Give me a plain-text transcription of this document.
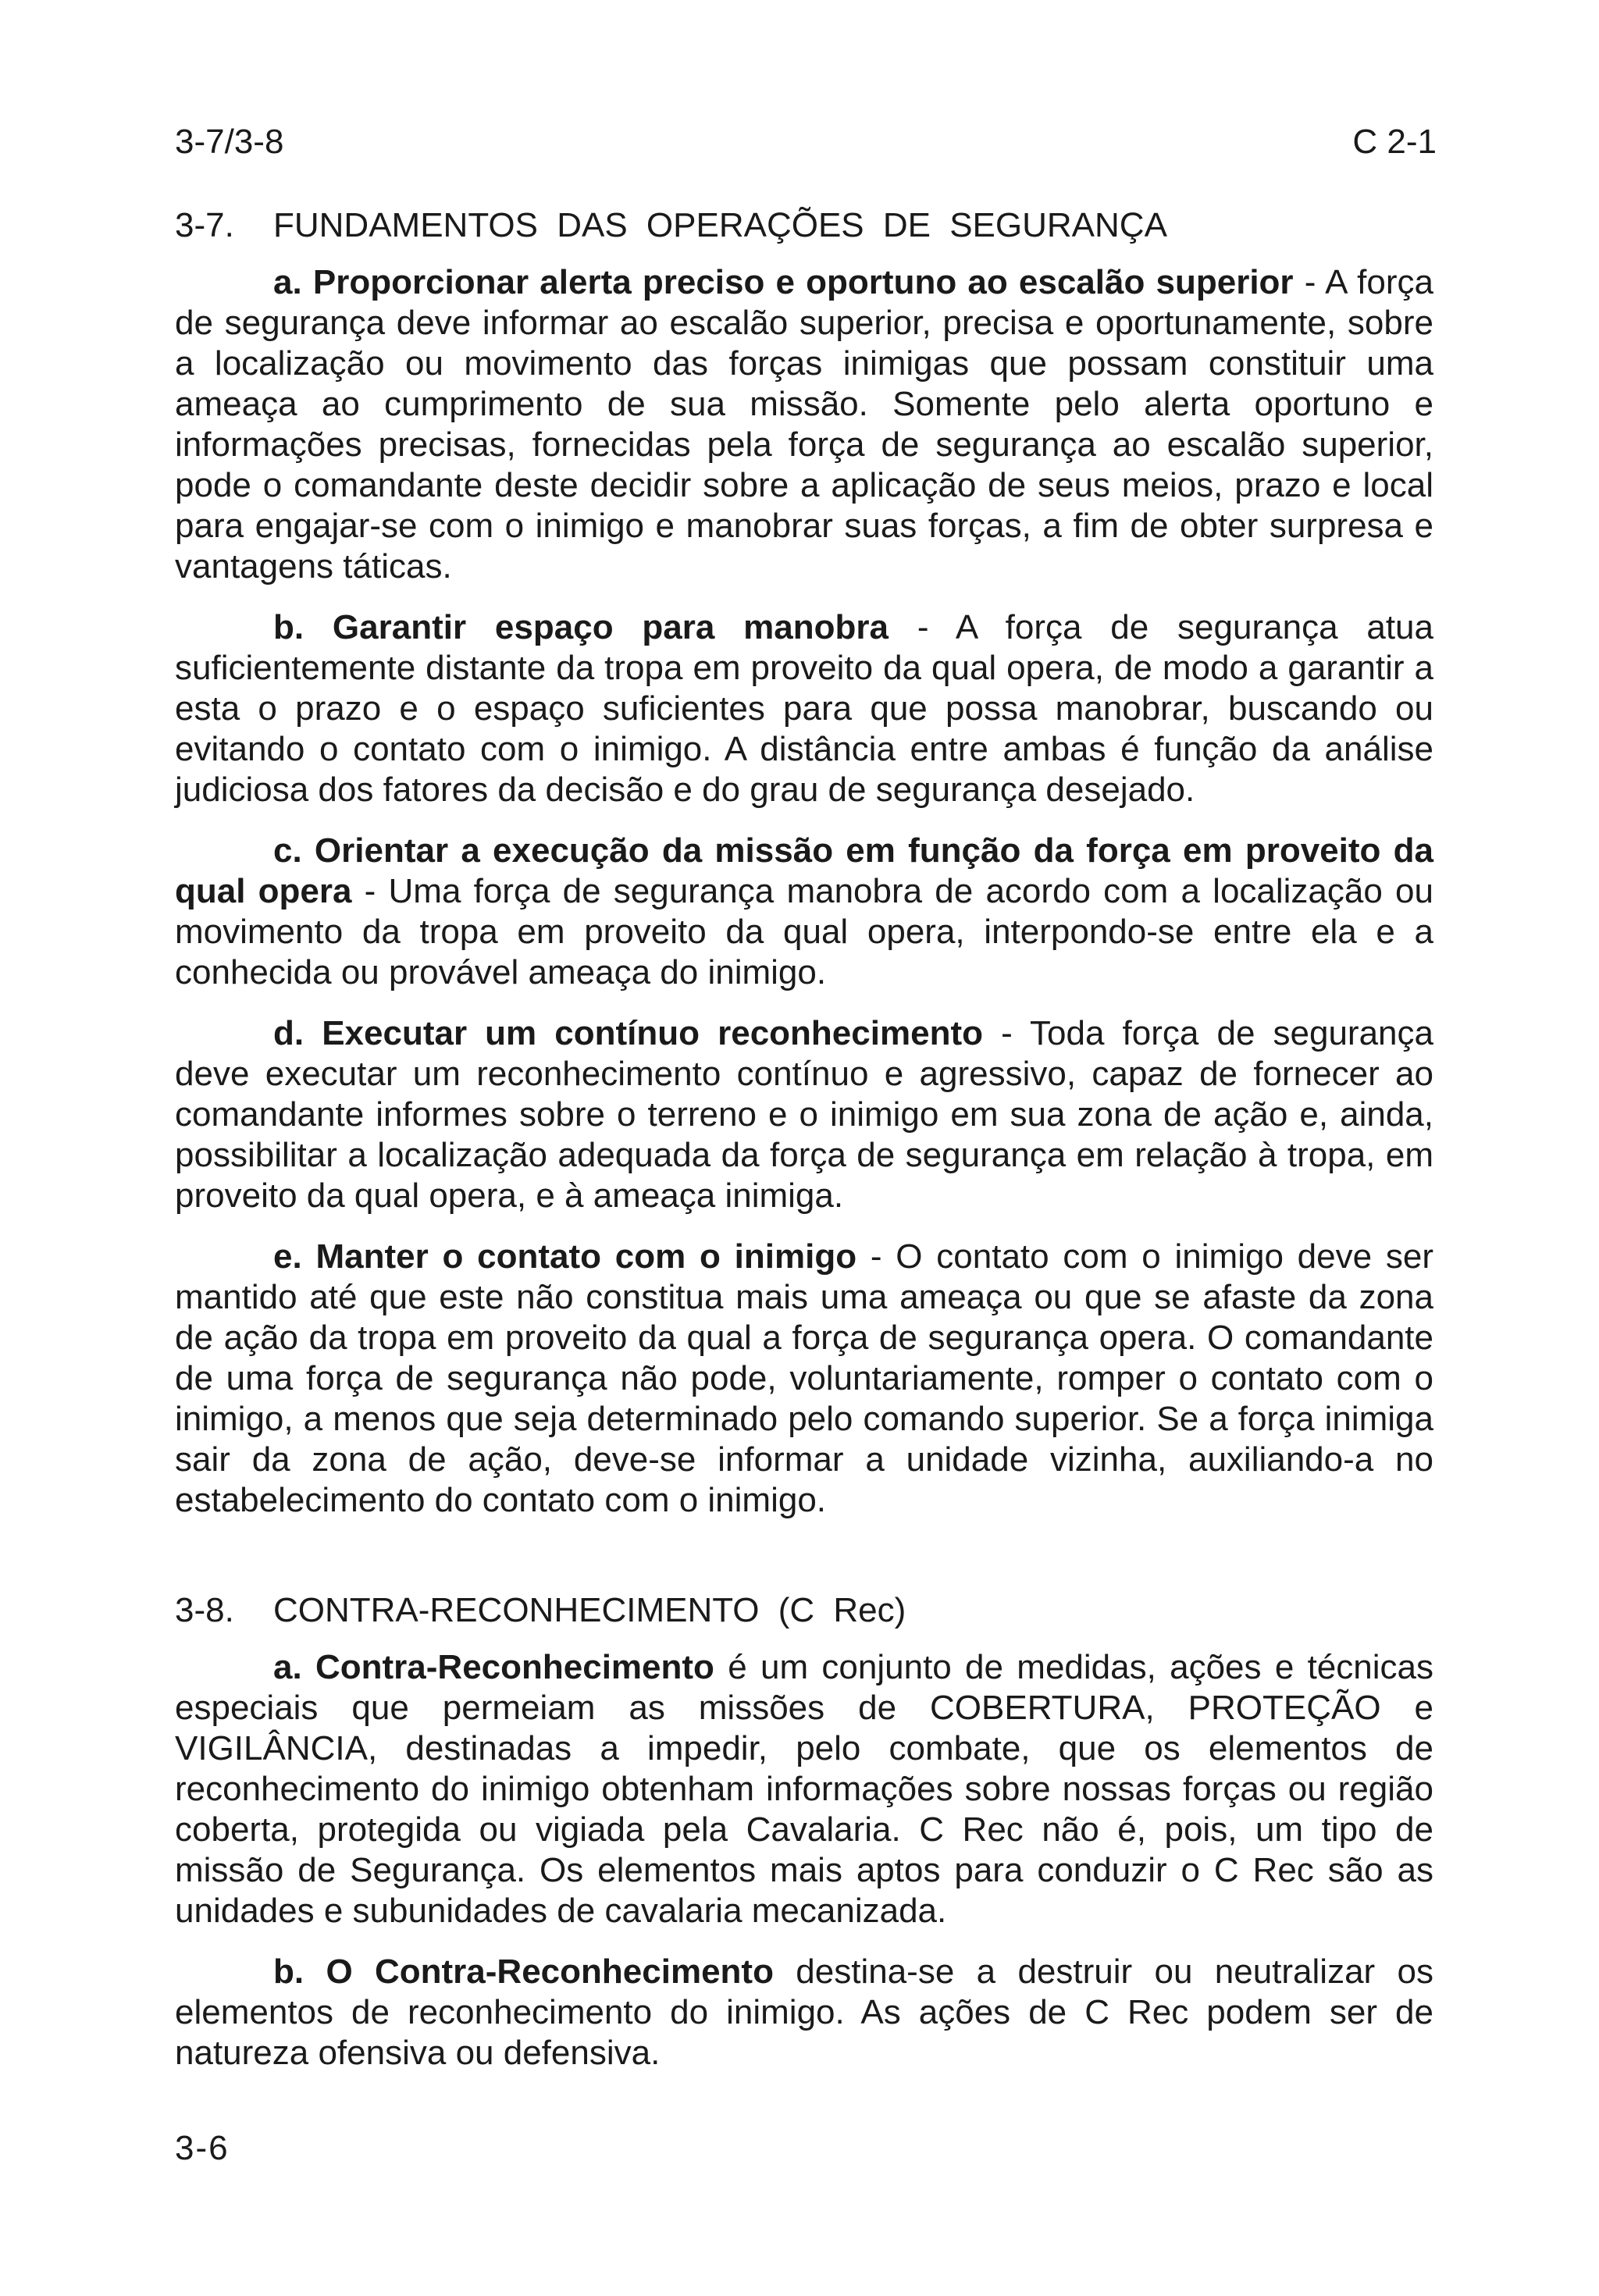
3-7/3-8	C 2-1
3-7. FUNDAMENTOS DAS OPERAÇÕES DE SEGURANÇA

a. Proporcionar alerta preciso e oportuno ao escalão superior - A força de segurança deve informar ao escalão superior, precisa e oportunamente, sobre a localização ou movimento das forças inimigas que possam constituir uma ameaça ao cumprimento de sua missão. Somente pelo alerta oportuno e informações precisas, fornecidas pela força de segurança ao escalão superior, pode o comandante deste decidir sobre a aplicação de seus meios, prazo e local para engajar-se com o inimigo e manobrar suas forças, a fim de obter surpresa e vantagens táticas.

b. Garantir espaço para manobra - A força de segurança atua suficientemente distante da tropa em proveito da qual opera, de modo a garantir a esta o prazo e o espaço suficientes para que possa manobrar, buscando ou evitando o contato com o inimigo. A distância entre ambas é função da análise judiciosa dos fatores da decisão e do grau de segurança desejado.

c. Orientar a execução da missão em função da força em proveito da qual opera - Uma força de segurança manobra de acordo com a localização ou movimento da tropa em proveito da qual opera, interpondo-se entre ela e a conhecida ou provável ameaça do inimigo.

d. Executar um contínuo reconhecimento - Toda força de segurança deve executar um reconhecimento contínuo e agressivo, capaz de fornecer ao comandante informes sobre o terreno e o inimigo em sua zona de ação e, ainda, possibilitar a localização adequada da força de segurança em relação à tropa, em proveito da qual opera, e à ameaça inimiga.

e. Manter o contato com o inimigo - O contato com o inimigo deve ser mantido até que este não constitua mais uma ameaça ou que se afaste da zona de ação da tropa em proveito da qual a força de segurança opera. O comandante de uma força de segurança não pode, voluntariamente, romper o contato com o inimigo, a menos que seja determinado pelo comando superior. Se a força inimiga sair da zona de ação, deve-se informar a unidade vizinha, auxiliando-a no estabelecimento do contato com o inimigo.

3-8. CONTRA-RECONHECIMENTO (C Rec)

a. Contra-Reconhecimento é um conjunto de medidas, ações e técnicas especiais que permeiam as missões de COBERTURA, PROTEÇÃO e VIGILÂNCIA, destinadas a impedir, pelo combate, que os elementos de reconhecimento do inimigo obtenham informações sobre nossas forças ou região coberta, protegida ou vigiada pela Cavalaria. C Rec não é, pois, um tipo de missão de Segurança. Os elementos mais aptos para conduzir o C Rec são as unidades e subunidades de cavalaria mecanizada.

b. O Contra-Reconhecimento destina-se a destruir ou neutralizar os elementos de reconhecimento do inimigo. As ações de C Rec podem ser de natureza ofensiva ou defensiva.

3-6
